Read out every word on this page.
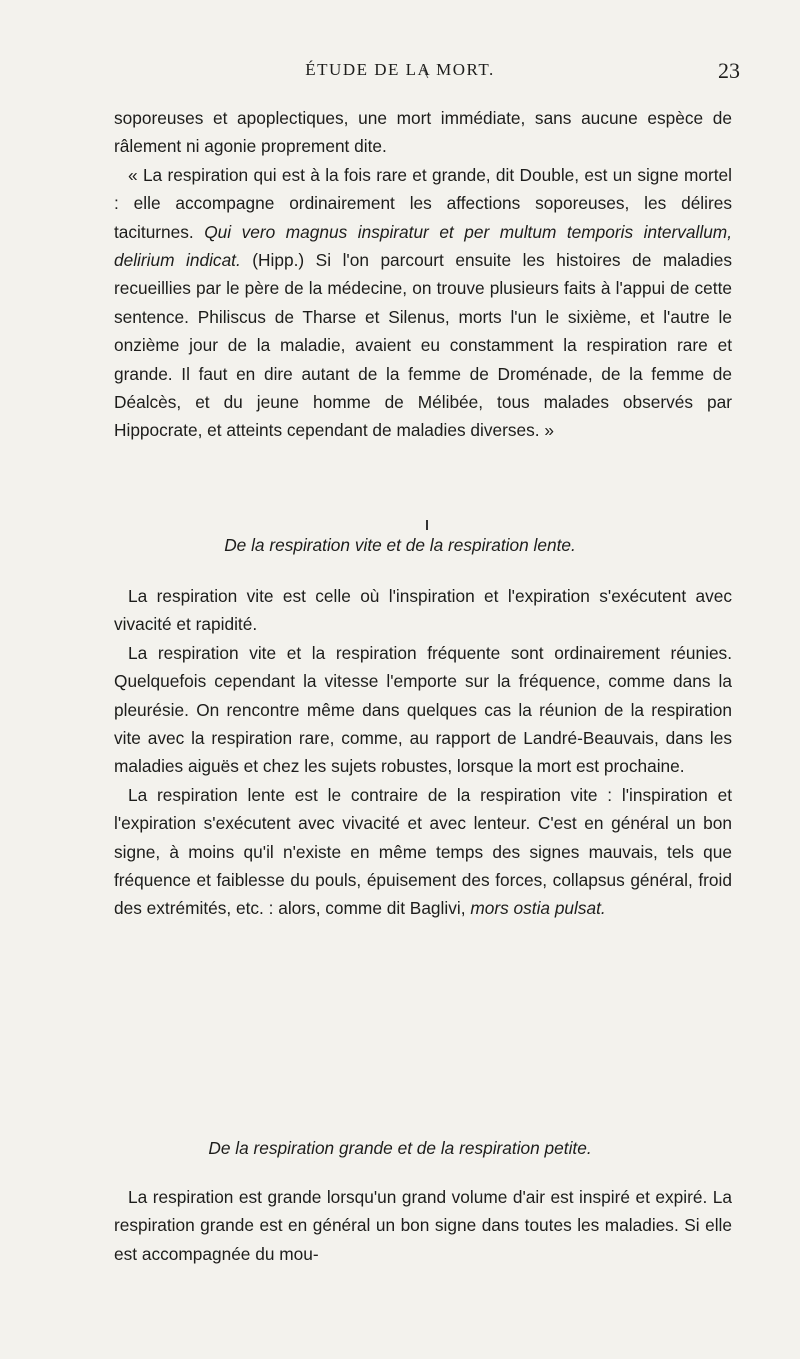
ÉTUDE DE LA MORT.	23

soporeuses et apoplectiques, une mort immédiate, sans aucune espèce de râlement ni agonie proprement dite.

« La respiration qui est à la fois rare et grande, dit Double, est un signe mortel : elle accompagne ordinairement les affections soporeuses, les délires taciturnes. Qui vero magnus inspiratur et per multum temporis intervallum, delirium indicat. (Hipp.) Si l'on parcourt ensuite les histoires de maladies recueillies par le père de la médecine, on trouve plusieurs faits à l'appui de cette sentence. Philiscus de Tharse et Silenus, morts l'un le sixième, et l'autre le onzième jour de la maladie, avaient eu constamment la respiration rare et grande. Il faut en dire autant de la femme de Droménade, de la femme de Déalcès, et du jeune homme de Mélibée, tous malades observés par Hippocrate, et atteints cependant de maladies diverses. »

De la respiration vite et de la respiration lente.

La respiration vite est celle où l'inspiration et l'expiration s'exécutent avec vivacité et rapidité.

La respiration vite et la respiration fréquente sont ordinairement réunies. Quelquefois cependant la vitesse l'emporte sur la fréquence, comme dans la pleurésie. On rencontre même dans quelques cas la réunion de la respiration vite avec la respiration rare, comme, au rapport de Landré-Beauvais, dans les maladies aiguës et chez les sujets robustes, lorsque la mort est prochaine.

La respiration lente est le contraire de la respiration vite : l'inspiration et l'expiration s'exécutent avec vivacité et avec lenteur. C'est en général un bon signe, à moins qu'il n'existe en même temps des signes mauvais, tels que fréquence et faiblesse du pouls, épuisement des forces, collapsus général, froid des extrémités, etc. : alors, comme dit Baglivi, mors ostia pulsat.

De la respiration grande et de la respiration petite.

La respiration est grande lorsqu'un grand volume d'air est inspiré et expiré. La respiration grande est en général un bon signe dans toutes les maladies. Si elle est accompagnée du mou-
